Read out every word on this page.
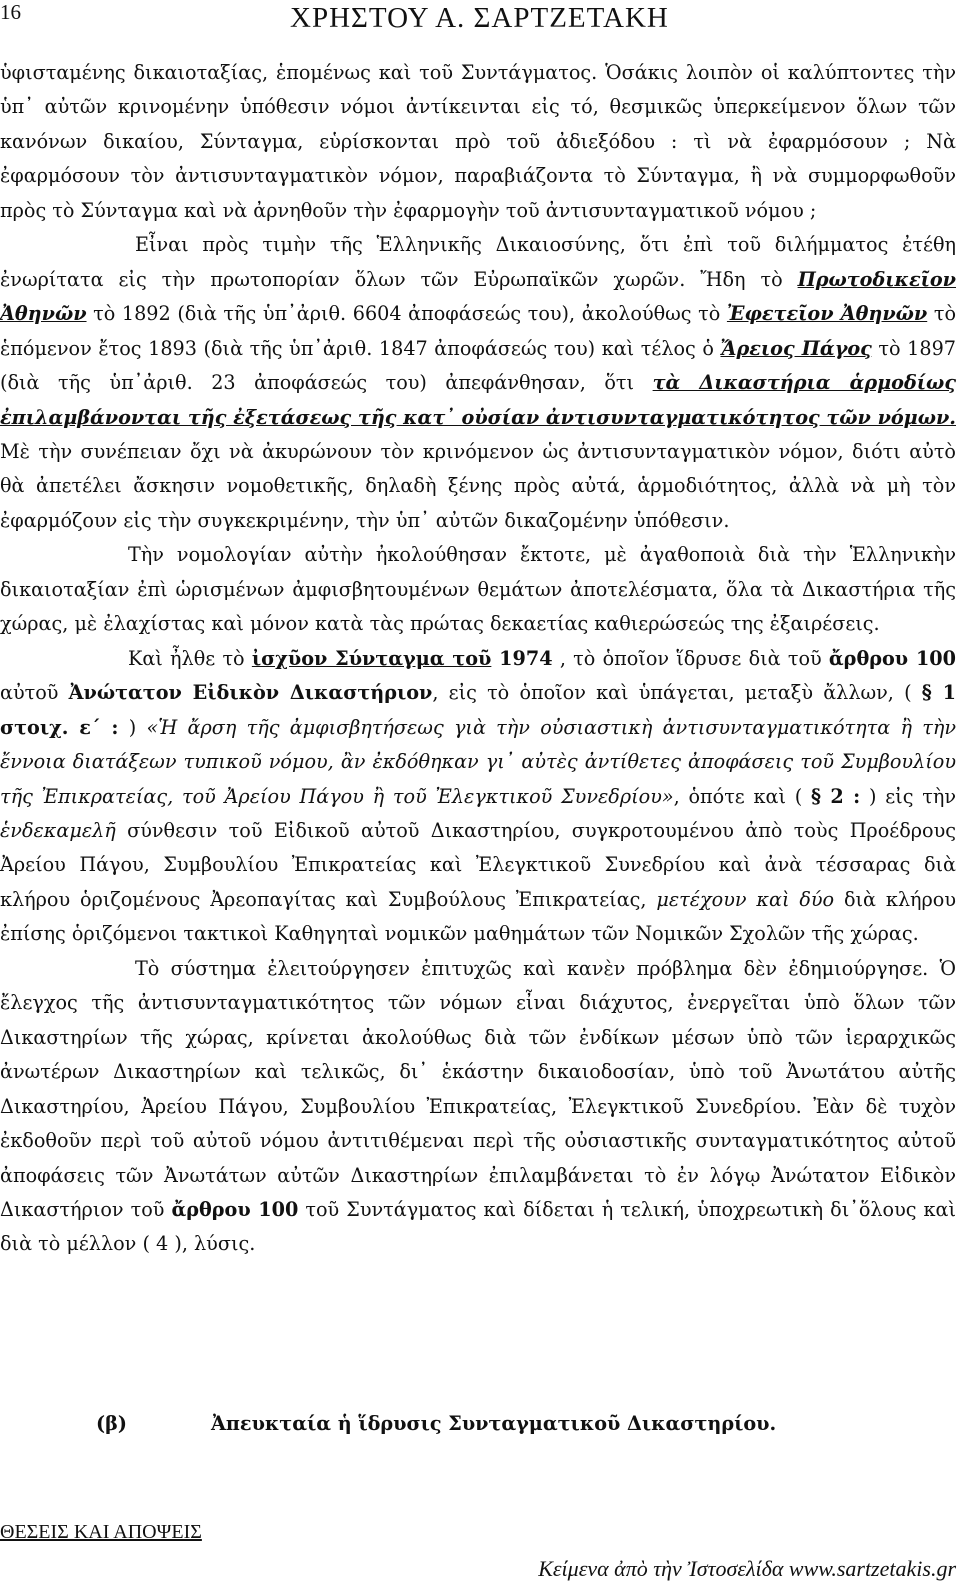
16	ΧΡΗΣΤΟΥ Α. ΣΑΡΤΖΕΤΑΚΗ

ὑφισταμένης δικαιοταξίας, ἑπομένως καὶ τοῦ Συντάγματος. Ὁσάκις λοιπὸν οἱ καλύπτοντες τὴν ὑπ᾽ αὐτῶν κρινομένην ὑπόθεσιν νόμοι ἀντίκεινται εἰς τό, θεσμικῶς ὑπερκείμενον ὅλων τῶν κανόνων δικαίου, Σύνταγμα, εὑρίσκονται πρὸ τοῦ ἀδιεξόδου : τὶ νὰ ἐφαρμόσουν ; Νὰ ἐφαρμόσουν τὸν ἀντισυνταγματικὸν νόμον, παραβιάζοντα τὸ Σύνταγμα, ἢ νὰ συμμορφωθοῦν πρὸς τὸ Σύνταγμα καὶ νὰ ἀρνηθοῦν τὴν ἐφαρμογὴν τοῦ ἀντισυνταγματικοῦ νόμου ;

Εἶναι πρὸς τιμὴν τῆς Ἑλληνικῆς Δικαιοσύνης, ὅτι ἐπὶ τοῦ διλήμματος ἐτέθη ἐνωρίτατα εἰς τὴν πρωτοπορίαν ὅλων τῶν Εὐρωπαϊκῶν χωρῶν. Ἤδη τὸ Πρωτοδικεῖον Ἀθηνῶν τὸ 1892 (διὰ τῆς ὑπ᾽ἀριθ. 6604 ἀποφάσεώς του), ἀκολούθως τὸ Ἐφετεῖον Ἀθηνῶν τὸ ἑπόμενον ἔτος 1893 (διὰ τῆς ὑπ᾽ἀριθ. 1847 ἀποφάσεώς του) καὶ τέλος ὁ Ἄρειος Πάγος τὸ 1897 (διὰ τῆς ὑπ᾽ἀριθ. 23 ἀποφάσεώς του) ἀπεφάνθησαν, ὅτι τὰ Δικαστήρια ἁρμοδίως ἐπιλαμβάνονται τῆς ἐξετάσεως τῆς κατ᾽ οὐσίαν ἀντισυνταγματικότητος τῶν νόμων. Μὲ τὴν συνέπειαν ὄχι νὰ ἀκυρώνουν τὸν κρινόμενον ὡς ἀντισυνταγματικὸν νόμον, διότι αὐτὸ θὰ ἀπετέλει ἄσκησιν νομοθετικῆς, δηλαδὴ ξένης πρὸς αὐτά, ἁρμοδιότητος, ἀλλὰ νὰ μὴ τὸν ἐφαρμόζουν εἰς τὴν συγκεκριμένην, τὴν ὑπ᾽ αὐτῶν δικαζομένην ὑπόθεσιν.

Τὴν νομολογίαν αὐτὴν ἠκολούθησαν ἔκτοτε, μὲ ἀγαθοποιὰ διὰ τὴν Ἑλληνικὴν δικαιοταξίαν ἐπὶ ὡρισμένων ἀμφισβητουμένων θεμάτων ἀποτελέσματα, ὅλα τὰ Δικαστήρια τῆς χώρας, μὲ ἐλαχίστας καὶ μόνον κατὰ τὰς πρώτας δεκαετίας καθιερώσεώς της ἐξαιρέσεις.

Καὶ ἦλθε τὸ ἰσχῦον Σύνταγμα τοῦ 1974 , τὸ ὁποῖον ἵδρυσε διὰ τοῦ ἄρθρου 100 αὐτοῦ Ἀνώτατον Εἰδικὸν Δικαστήριον, εἰς τὸ ὁποῖον καὶ ὑπάγεται, μεταξὺ ἄλλων, ( § 1 στοιχ. ε΄ : ) «Ἡ ἄρση τῆς ἀμφισβητήσεως γιὰ τὴν οὐσιαστικὴ ἀντισυνταγματικότητα ἢ τὴν ἔννοια διατάξεων τυπικοῦ νόμου, ἂν ἐκδόθηκαν γι᾽ αὐτὲς ἀντίθετες ἀποφάσεις τοῦ Συμβουλίου τῆς Ἐπικρατείας, τοῦ Ἀρείου Πάγου ἢ τοῦ Ἐλεγκτικοῦ Συνεδρίου», ὁπότε καὶ ( § 2 : ) εἰς τὴν ἑνδεκαμελῆ σύνθεσιν τοῦ Εἰδικοῦ αὐτοῦ Δικαστηρίου, συγκροτουμένου ἀπὸ τοὺς Προέδρους Ἀρείου Πάγου, Συμβουλίου Ἐπικρατείας καὶ Ἐλεγκτικοῦ Συνεδρίου καὶ ἀνὰ τέσσαρας διὰ κλήρου ὁριζομένους Ἀρεοπαγίτας καὶ Συμβούλους Ἐπικρατείας, μετέχουν καὶ δύο διὰ κλήρου ἐπίσης ὁριζόμενοι τακτικοὶ Καθηγηταὶ νομικῶν μαθημάτων τῶν Νομικῶν Σχολῶν τῆς χώρας.

Τὸ σύστημα ἐλειτούργησεν ἐπιτυχῶς καὶ κανὲν πρόβλημα δὲν ἐδημιούργησε. Ὁ ἔλεγχος τῆς ἀντισυνταγματικότητος τῶν νόμων εἶναι διάχυτος, ἐνεργεῖται ὑπὸ ὅλων τῶν Δικαστηρίων τῆς χώρας, κρίνεται ἀκολούθως διὰ τῶν ἐνδίκων μέσων ὑπὸ τῶν ἱεραρχικῶς ἀνωτέρων Δικαστηρίων καὶ τελικῶς, δι᾽ ἑκάστην δικαιοδοσίαν, ὑπὸ τοῦ Ἀνωτάτου αὐτῆς Δικαστηρίου, Ἀρείου Πάγου, Συμβουλίου Ἐπικρατείας, Ἐλεγκτικοῦ Συνεδρίου. Ἐὰν δὲ τυχὸν ἐκδοθοῦν περὶ τοῦ αὐτοῦ νόμου ἀντιτιθέμεναι περὶ τῆς οὐσιαστικῆς συνταγματικότητος αὐτοῦ ἀποφάσεις τῶν Ἀνωτάτων αὐτῶν Δικαστηρίων ἐπιλαμβάνεται τὸ ἐν λόγῳ Ἀνώτατον Εἰδικὸν Δικαστήριον τοῦ ἄρθρου 100 τοῦ Συντάγματος καὶ δίδεται ἡ τελική, ὑποχρεωτικὴ δι᾽ὅλους καὶ διὰ τὸ μέλλον ( 4 ), λύσις.

(β)	Ἀπευκταία ἡ ἵδρυσις Συνταγματικοῦ Δικαστηρίου.
ΘΕΣΕΙΣ ΚΑΙ ΑΠΟΨΕΙΣ
Κείμενα ἀπὸ τὴν Ἰστοσελίδα www.sartzetakis.gr
